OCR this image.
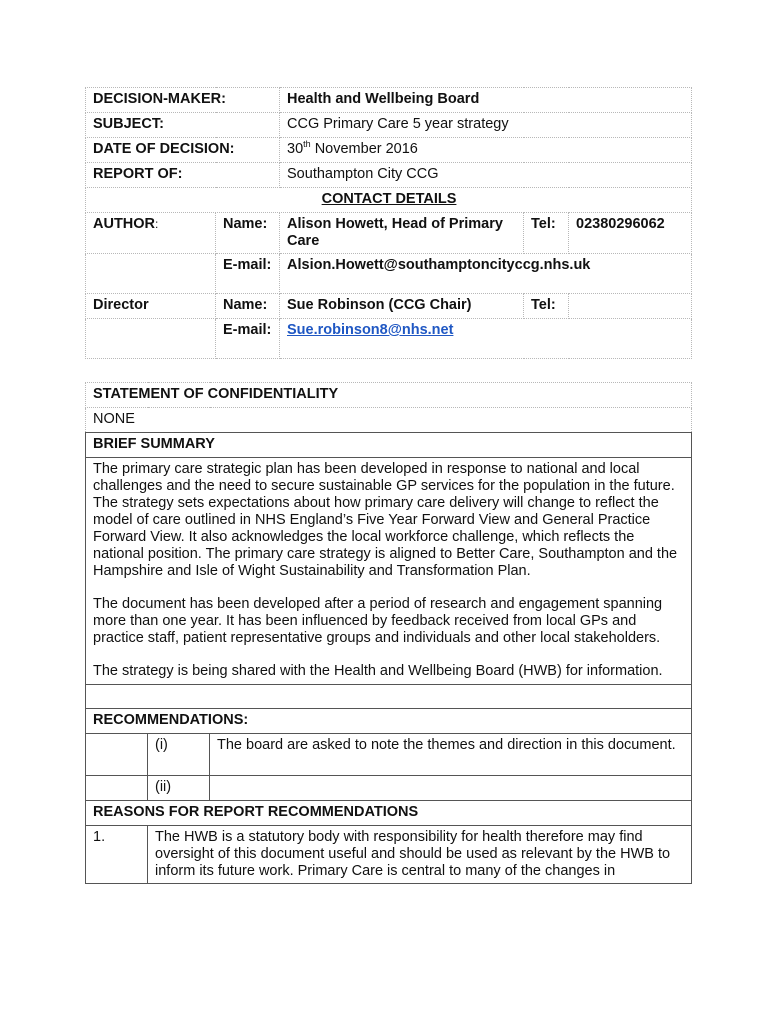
DECISION-MAKER:		Health and Wellbeing Board		
SUBJECT:		CCG Primary Care 5 year strategy		
DATE OF DECISION:		30th November 2016		
REPORT OF:		Southampton City CCG		
CONTACT DETAILS				
AUTHOR:	Name:	Alison Howett, Head of Primary Care	Tel:	02380296062
	E-mail:	Alsion.Howett@southamptoncityccg.nhs.uk		
Director	Name:	Sue Robinson (CCG Chair)	Tel:	
	E-mail:	Sue.robinson8@nhs.net		
STATEMENT OF CONFIDENTIALITY		
NONE		
BRIEF SUMMARY		

The primary care strategic plan has been developed in response to national and local challenges and the need to secure sustainable GP services for the population in the future. The strategy sets expectations about how primary care delivery will change to reflect the model of care outlined in NHS England’s Five Year Forward View and General Practice Forward View. It also acknowledges the local workforce challenge, which reflects the national position. The primary care strategy is aligned to Better Care, Southampton and the Hampshire and Isle of Wight Sustainability and Transformation Plan.

The document has been developed after a period of research and engagement spanning more than one year. It has been influenced by feedback received from local GPs and practice staff, patient representative groups and individuals and other local stakeholders.

The strategy is being shared with the Health and Wellbeing Board (HWB) for information.		

RECOMMENDATIONS:		
	(i)	The board are asked to note the themes and direction in this document.
	(ii)	
REASONS FOR REPORT RECOMMENDATIONS		
1.	The HWB is a statutory body with responsibility for health therefore may find oversight of this document useful and should be used as relevant by the HWB to inform its future work. Primary Care is central to many of the changes in	
